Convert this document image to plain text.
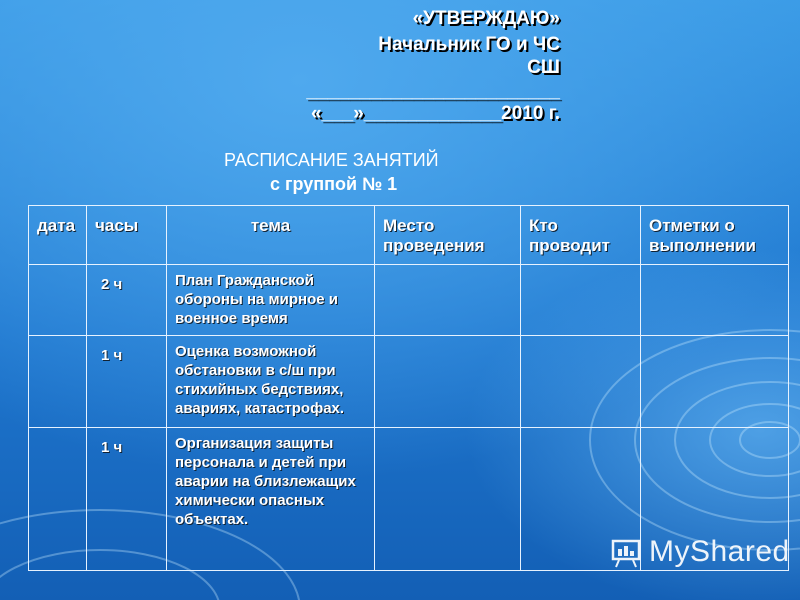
«УТВЕРЖДАЮ»
Начальник ГО и ЧС
СШ
________________________
«___»_____________2010 г.
РАСПИСАНИЕ ЗАНЯТИЙ
с группой № 1
дата	часы	тема	Место проведения	Кто проводит	Отметки о выполнении
	2 ч	План Гражданской обороны на мирное и военное время			
	1 ч	Оценка возможной обстановки в с/ш при стихийных бедствиях, авариях, катастрофах.			
	1 ч	Организация защиты персонала и детей при аварии на близлежащих химически опасных объектах.			
MyShared
